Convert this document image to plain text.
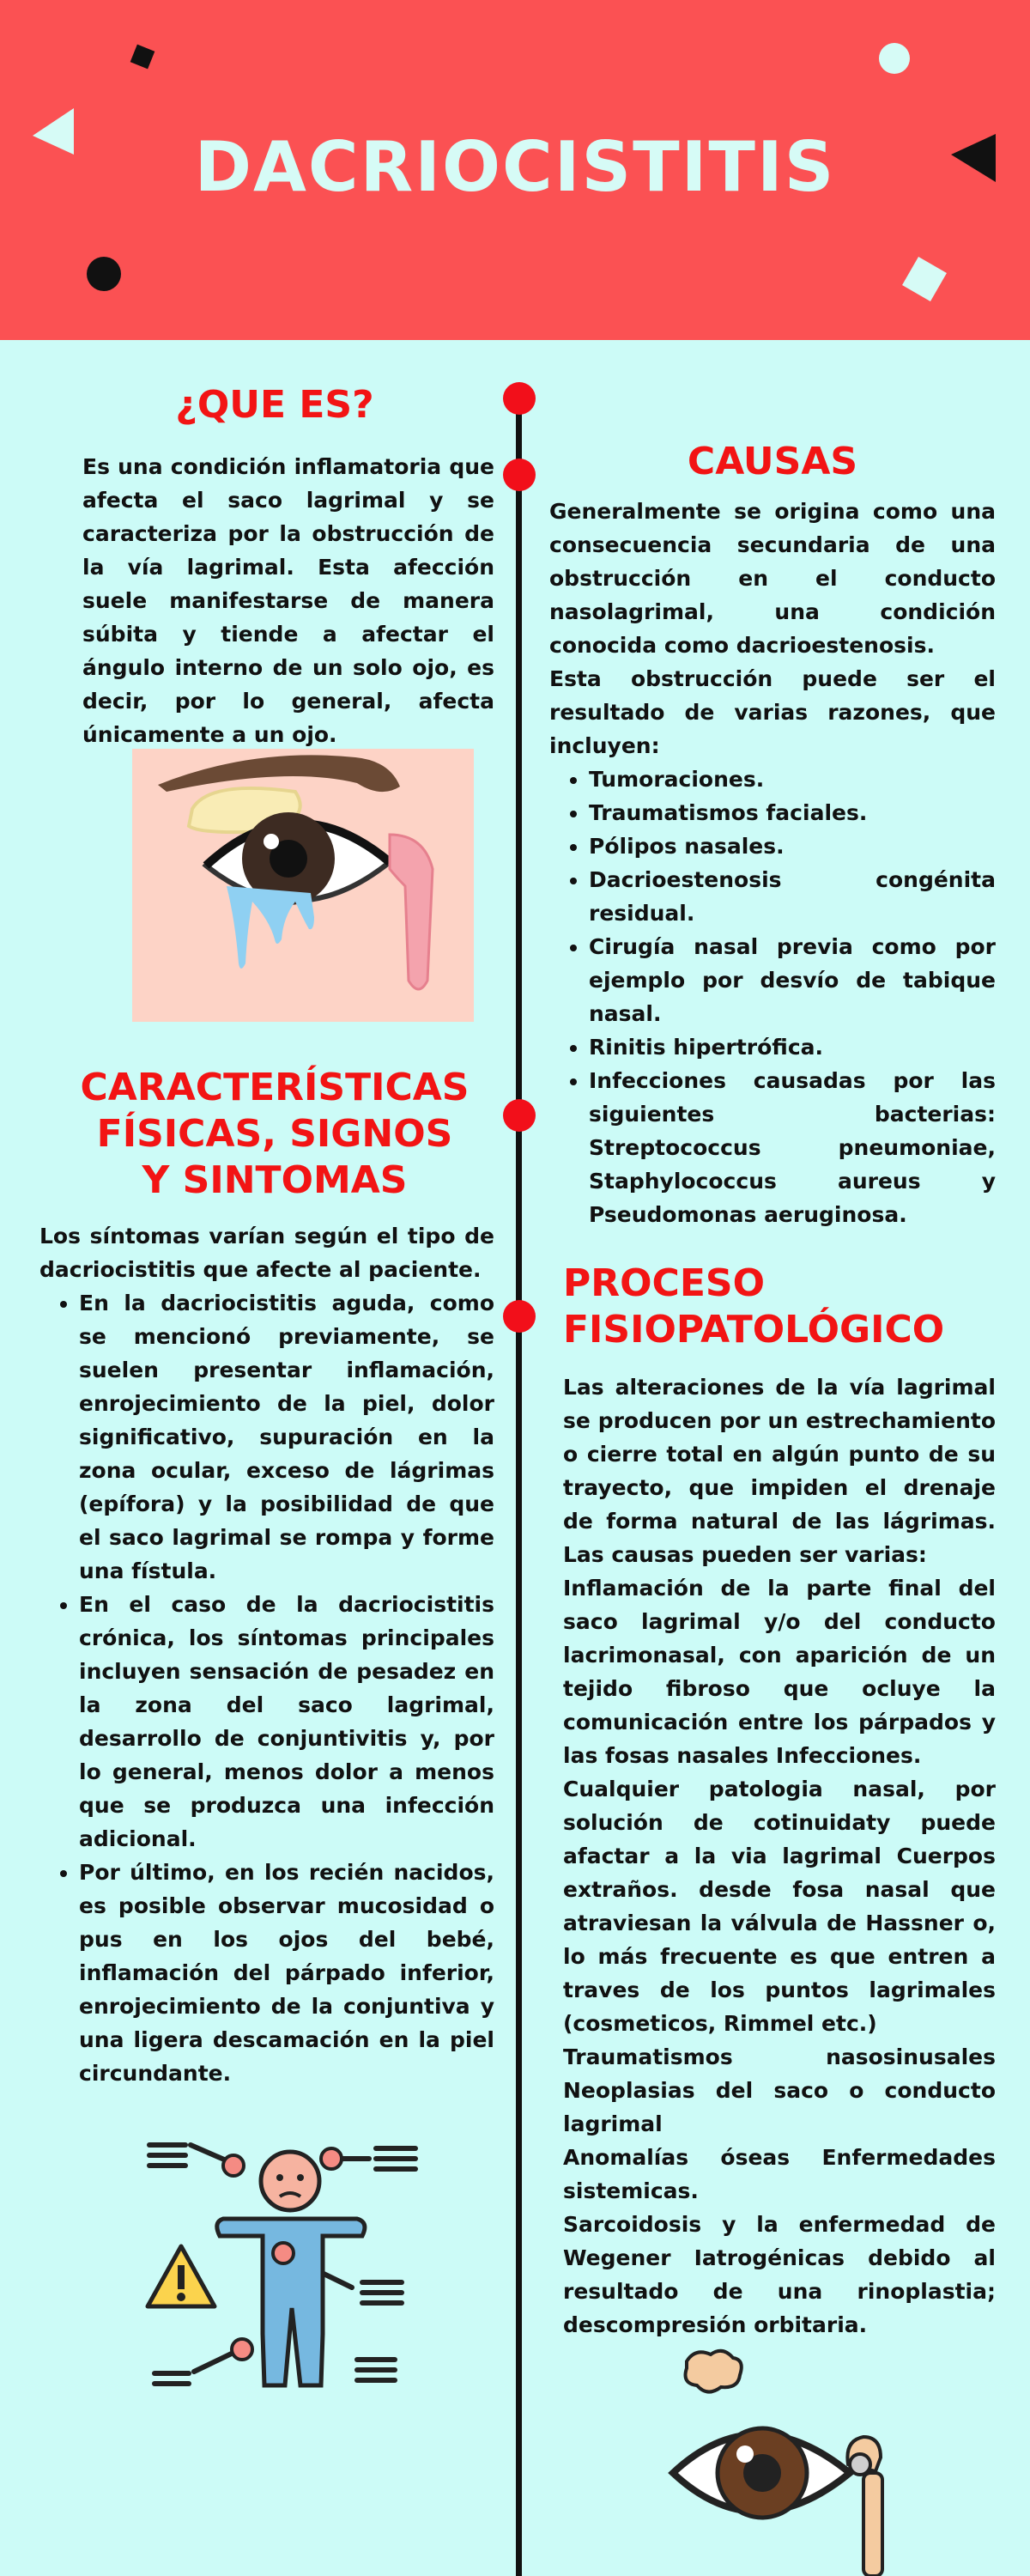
DACRIOCISTITIS
¿QUE ES?

Es una condición inflamatoria que afecta el saco lagrimal y se caracteriza por la obstrucción de la vía lagrimal. Esta afección suele manifestarse de manera súbita y tiende a afectar el ángulo interno de un solo ojo, es decir, por lo general, afecta únicamente a un ojo.

CAUSAS

Generalmente se origina como una consecuencia secundaria de una obstrucción en el conducto nasolagrimal, una condición conocida como dacrioestenosis.

Esta obstrucción puede ser el resultado de varias razones, que incluyen:

• Tumoraciones.
• Traumatismos faciales.
• Pólipos nasales.
• Dacrioestenosis congénita residual.
• Cirugía nasal previa como por ejemplo por desvío de tabique nasal.
• Rinitis hipertrófica.
• Infecciones causadas por las siguientes bacterias: Streptococcus pneumoniae, Staphylococcus aureus y Pseudomonas aeruginosa.
CARACTERÍSTICAS
FÍSICAS, SIGNOS
Y SINTOMAS

Los síntomas varían según el tipo de dacriocistitis que afecte al paciente.

• En la dacriocistitis aguda, como se mencionó previamente, se suelen presentar inflamación, enrojecimiento de la piel, dolor significativo, supuración en la zona ocular, exceso de lágrimas (epífora) y la posibilidad de que el saco lagrimal se rompa y forme una fístula.
• En el caso de la dacriocistitis crónica, los síntomas principales incluyen sensación de pesadez en la zona del saco lagrimal, desarrollo de conjuntivitis y, por lo general, menos dolor a menos que se produzca una infección adicional.
• Por último, en los recién nacidos, es posible observar mucosidad o pus en los ojos del bebé, inflamación del párpado inferior, enrojecimiento de la conjuntiva y una ligera descamación en la piel circundante.
PROCESO
FISIOPATOLÓGICO

Las alteraciones de la vía lagrimal se producen por un estrechamiento o cierre total en algún punto de su trayecto, que impiden el drenaje de forma natural de las lágrimas. Las causas pueden ser varias:

Inflamación de la parte final del saco lagrimal y/o del conducto lacrimonasal, con aparición de un tejido fibroso que ocluye la comunicación entre los párpados y las fosas nasales Infecciones.

Cualquier patologia nasal, por solución de cotinuidaty puede afactar a la via lagrimal Cuerpos extraños. desde fosa nasal que atraviesan la válvula de Hassner o, lo más frecuente es que entren a traves de los puntos lagrimales (cosmeticos, Rimmel etc.)

Traumatismos nasosinusales Neoplasias del saco o conducto lagrimal

Anomalías óseas Enfermedades sistemicas.

Sarcoidosis y la enfermedad de Wegener Iatrogénicas debido al resultado de una rinoplastia; descompresión orbitaria.
